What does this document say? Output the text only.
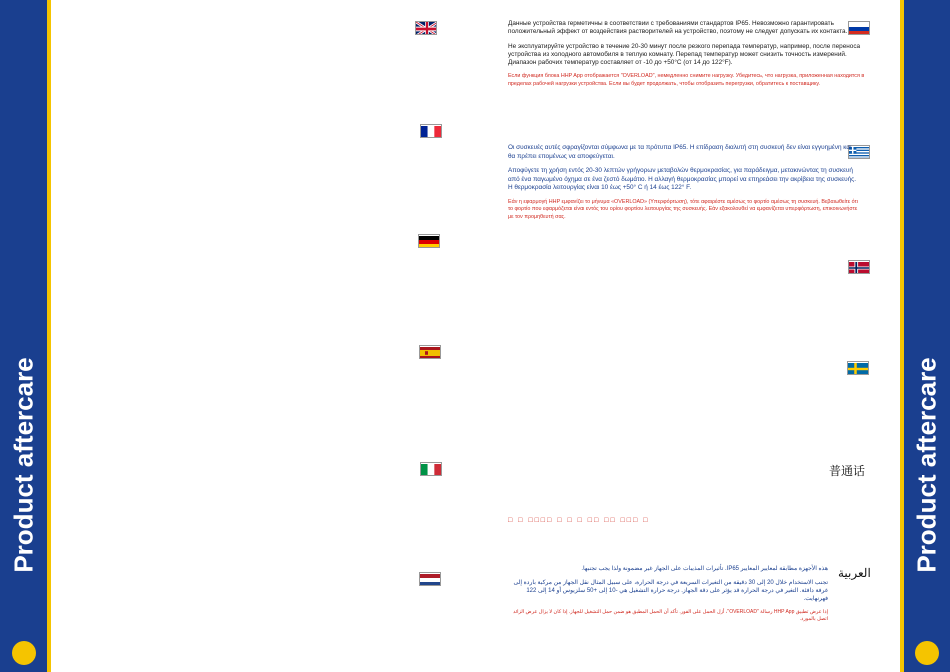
Product aftercare	Product aftercare
普通话
العربية

Данные устройства герметичны в соответствии с требованиями стандартов IP65. Невозможно гарантировать положительный эффект от воздействия растворителей на устройство, поэтому не следует допускать их контакта.

Не эксплуатируйте устройство в течение 20-30 минут после резкого перепада температур, например, после переноса устройства из холодного автомобиля в теплую комнату. Перепад температур может снизить точность измерений. Диапазон рабочих температур составляет от -10 до +50°C (от 14 до 122°F).

Если функция блока HHP App отображается "OVERLOAD", немедленно снимите нагрузку. Убедитесь, что нагрузка, приложенная находится в пределах рабочей нагрузки устройства. Если вы будет продолжать, чтобы отобразить перегрузки, обратитесь к поставщику.

Οι συσκευές αυτές σφραγίζονται σύμφωνα με τα πρότυπα IP65. Η επίδραση διαλυτή στη συσκευή δεν είναι εγγυημένη και θα πρέπει επομένως να αποφεύγεται.

Αποφύγετε τη χρήση εντός 20-30 λεπτών γρήγορων μεταβολών θερμοκρασίας, για παράδειγμα, μετακινώντας τη συσκευή από ένα παγωμένο όχημα σε ένα ζεστό δωμάτιο. Η αλλαγή θερμοκρασίας μπορεί να επηρεάσει την ακρίβεια της συσκευής. Η θερμοκρασία λειτουργίας είναι 10 έως +50° C ή 14 έως 122° F.

Εάν η εφαρμογή HHP εμφανίζει το μήνυμα «OVERLOAD» (Υπερφόρτωση), τότε αφαιρέστε αμέσως το φορτίο αμέσως τη συσκευή. Βεβαιωθείτε ότι το φορτίο που εφαρμόζεται είναι εντός του ορίου φορτίου λειτουργίας της συσκευής. Εάν εξακολουθεί να εμφανίζεται υπερφόρτωση, επικοινωνήστε με τον προμηθευτή σας.

□ □ □□□□ □ □ □ □□ □□ □□□ □

هذه الأجهزة مطابقة لمعايير المعايير IP65. تأثيرات المذيبات على الجهاز غير مضمونة ولذا يجب تجنبها.

تجنب الاستخدام خلال 20 إلى 30 دقيقة من التغيرات السريعة في درجة الحرارة، على سبيل المثال نقل الجهاز من مركبة باردة إلى غرفة دافئة. التغير في درجة الحرارة قد يؤثر على دقة الجهاز. درجة حرارة التشغيل هي -10 إلى +50 سلزيوس أو 14 إلى 122 فهرنهايت.

إذا عرض تطبيق HHP App رسالة "OVERLOAD"، أزل الحمل على الفور. تأكد أن الحمل المطبق هو ضمن حمل التشغيل للجهاز. إذا كان لا يزال عرض الزائد اتصل بالمورد.
